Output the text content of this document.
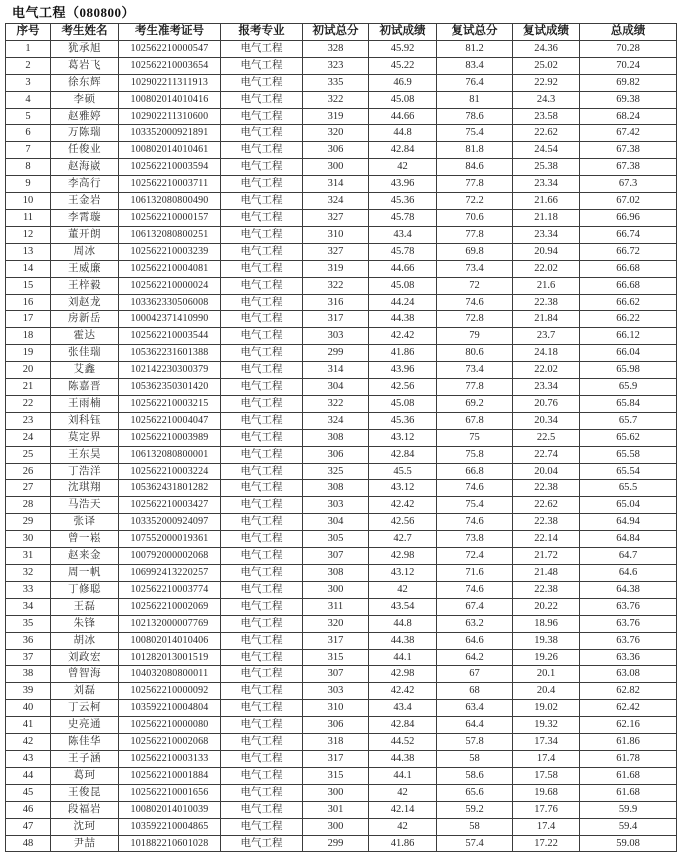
电气工程（080800）
序号	考生姓名	考生准考证号	报考专业	初试总分	初试成绩	复试总分	复试成绩	总成绩
1	犹承旭	102562210000547	电气工程	328	45.92	81.2	24.36	70.28
2	葛岩飞	102562210003654	电气工程	323	45.22	83.4	25.02	70.24
3	徐东辉	102902211311913	电气工程	335	46.9	76.4	22.92	69.82
4	李硕	100802014010416	电气工程	322	45.08	81	24.3	69.38
5	赵雅婷	102902211310600	电气工程	319	44.66	78.6	23.58	68.24
6	万陈瑞	103352000921891	电气工程	320	44.8	75.4	22.62	67.42
7	任俊业	100802014010461	电气工程	306	42.84	81.8	24.54	67.38
8	赵海崴	102562210003594	电气工程	300	42	84.6	25.38	67.38
9	李高行	102562210003711	电气工程	314	43.96	77.8	23.34	67.3
10	王金岩	106132080800490	电气工程	324	45.36	72.2	21.66	67.02
11	李霄璇	102562210000157	电气工程	327	45.78	70.6	21.18	66.96
12	董开朗	106132080800251	电气工程	310	43.4	77.8	23.34	66.74
13	周冰	102562210003239	电气工程	327	45.78	69.8	20.94	66.72
14	王威廉	102562210004081	电气工程	319	44.66	73.4	22.02	66.68
15	王梓毅	102562210000024	电气工程	322	45.08	72	21.6	66.68
16	刘赵龙	103362330506008	电气工程	316	44.24	74.6	22.38	66.62
17	房新岳	100042371410990	电气工程	317	44.38	72.8	21.84	66.22
18	霍达	102562210003544	电气工程	303	42.42	79	23.7	66.12
19	张佳瑞	105362231601388	电气工程	299	41.86	80.6	24.18	66.04
20	艾鑫	102142230300379	电气工程	314	43.96	73.4	22.02	65.98
21	陈嘉晋	105362350301420	电气工程	304	42.56	77.8	23.34	65.9
22	王雨楠	102562210003215	电气工程	322	45.08	69.2	20.76	65.84
23	刘科钰	102562210004047	电气工程	324	45.36	67.8	20.34	65.7
24	莫定界	102562210003989	电气工程	308	43.12	75	22.5	65.62
25	王东昊	106132080800001	电气工程	306	42.84	75.8	22.74	65.58
26	丁浩洋	102562210003224	电气工程	325	45.5	66.8	20.04	65.54
27	沈琪翔	105362431801282	电气工程	308	43.12	74.6	22.38	65.5
28	马浩天	102562210003427	电气工程	303	42.42	75.4	22.62	65.04
29	张译	103352000924097	电气工程	304	42.56	74.6	22.38	64.94
30	曾一崧	107552000019361	电气工程	305	42.7	73.8	22.14	64.84
31	赵来金	100792000002068	电气工程	307	42.98	72.4	21.72	64.7
32	周一帆	106992413220257	电气工程	308	43.12	71.6	21.48	64.6
33	丁修聪	102562210003774	电气工程	300	42	74.6	22.38	64.38
34	王磊	102562210002069	电气工程	311	43.54	67.4	20.22	63.76
35	朱锋	102132000007769	电气工程	320	44.8	63.2	18.96	63.76
36	胡冰	100802014010406	电气工程	317	44.38	64.6	19.38	63.76
37	刘政宏	101282013001519	电气工程	315	44.1	64.2	19.26	63.36
38	曾智海	104032080800011	电气工程	307	42.98	67	20.1	63.08
39	刘磊	102562210000092	电气工程	303	42.42	68	20.4	62.82
40	丁云柯	103592210004804	电气工程	310	43.4	63.4	19.02	62.42
41	史亮通	102562210000080	电气工程	306	42.84	64.4	19.32	62.16
42	陈佳华	102562210002068	电气工程	318	44.52	57.8	17.34	61.86
43	王子涵	102562210003133	电气工程	317	44.38	58	17.4	61.78
44	葛珂	102562210001884	电气工程	315	44.1	58.6	17.58	61.68
45	王俊昆	102562210001656	电气工程	300	42	65.6	19.68	61.68
46	段福岩	100802014010039	电气工程	301	42.14	59.2	17.76	59.9
47	沈珂	103592210004865	电气工程	300	42	58	17.4	59.4
48	尹喆	101882210601028	电气工程	299	41.86	57.4	17.22	59.08
